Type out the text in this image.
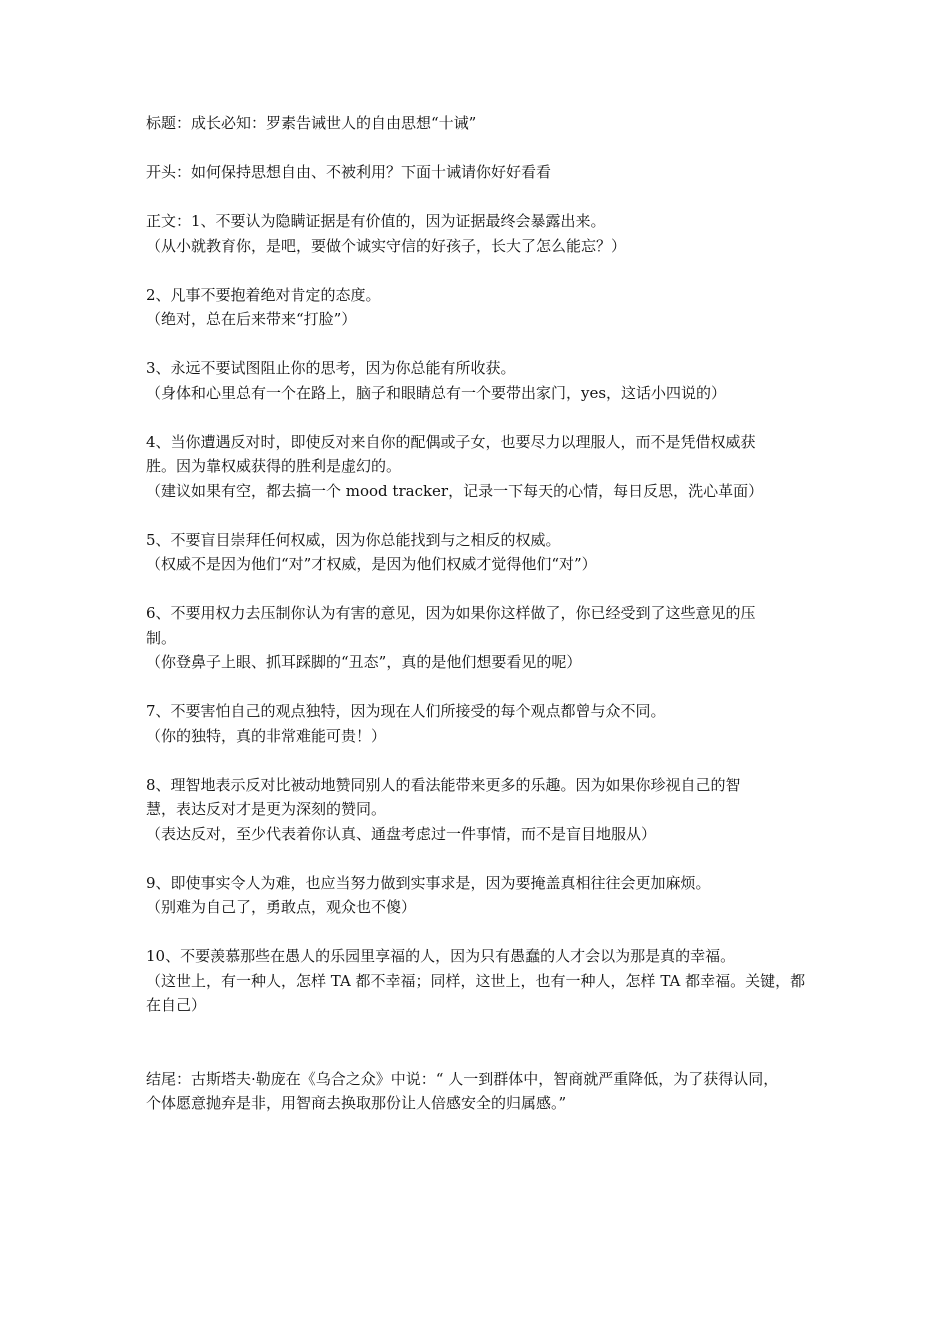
标题：成长必知：罗素告诫世人的自由思想“十诫”

开头：如何保持思想自由、不被利用？下面十诫请你好好看看

正文：1、不要认为隐瞒证据是有价值的，因为证据最终会暴露出来。
（从小就教育你，是吧，要做个诚实守信的好孩子，长大了怎么能忘？）

2、凡事不要抱着绝对肯定的态度。
（绝对，总在后来带来“打脸”）

3、永远不要试图阻止你的思考，因为你总能有所收获。
（身体和心里总有一个在路上，脑子和眼睛总有一个要带出家门，yes，这话小四说的）

4、当你遭遇反对时，即使反对来自你的配偶或子女，也要尽力以理服人，而不是凭借权威获
胜。因为靠权威获得的胜利是虚幻的。
（建议如果有空，都去搞一个 mood tracker，记录一下每天的心情，每日反思，洗心革面）

5、不要盲目崇拜任何权威，因为你总能找到与之相反的权威。
（权威不是因为他们“对”才权威，是因为他们权威才觉得他们“对”）

6、不要用权力去压制你认为有害的意见，因为如果你这样做了，你已经受到了这些意见的压
制。
（你登鼻子上眼、抓耳踩脚的“丑态”，真的是他们想要看见的呢）

7、不要害怕自己的观点独特，因为现在人们所接受的每个观点都曾与众不同。
（你的独特，真的非常难能可贵！）

8、理智地表示反对比被动地赞同别人的看法能带来更多的乐趣。因为如果你珍视自己的智
慧，表达反对才是更为深刻的赞同。
（表达反对，至少代表着你认真、通盘考虑过一件事情，而不是盲目地服从）

9、即使事实令人为难，也应当努力做到实事求是，因为要掩盖真相往往会更加麻烦。
（别难为自己了，勇敢点，观众也不傻）

10、不要羡慕那些在愚人的乐园里享福的人，因为只有愚蠢的人才会以为那是真的幸福。
（这世上，有一种人，怎样 TA 都不幸福；同样，这世上，也有一种人，怎样 TA 都幸福。关键，都
在自己）

结尾：古斯塔夫·勒庞在《乌合之众》中说：“ 人一到群体中，智商就严重降低，为了获得认同，
个体愿意抛弃是非，用智商去换取那份让人倍感安全的归属感。”
